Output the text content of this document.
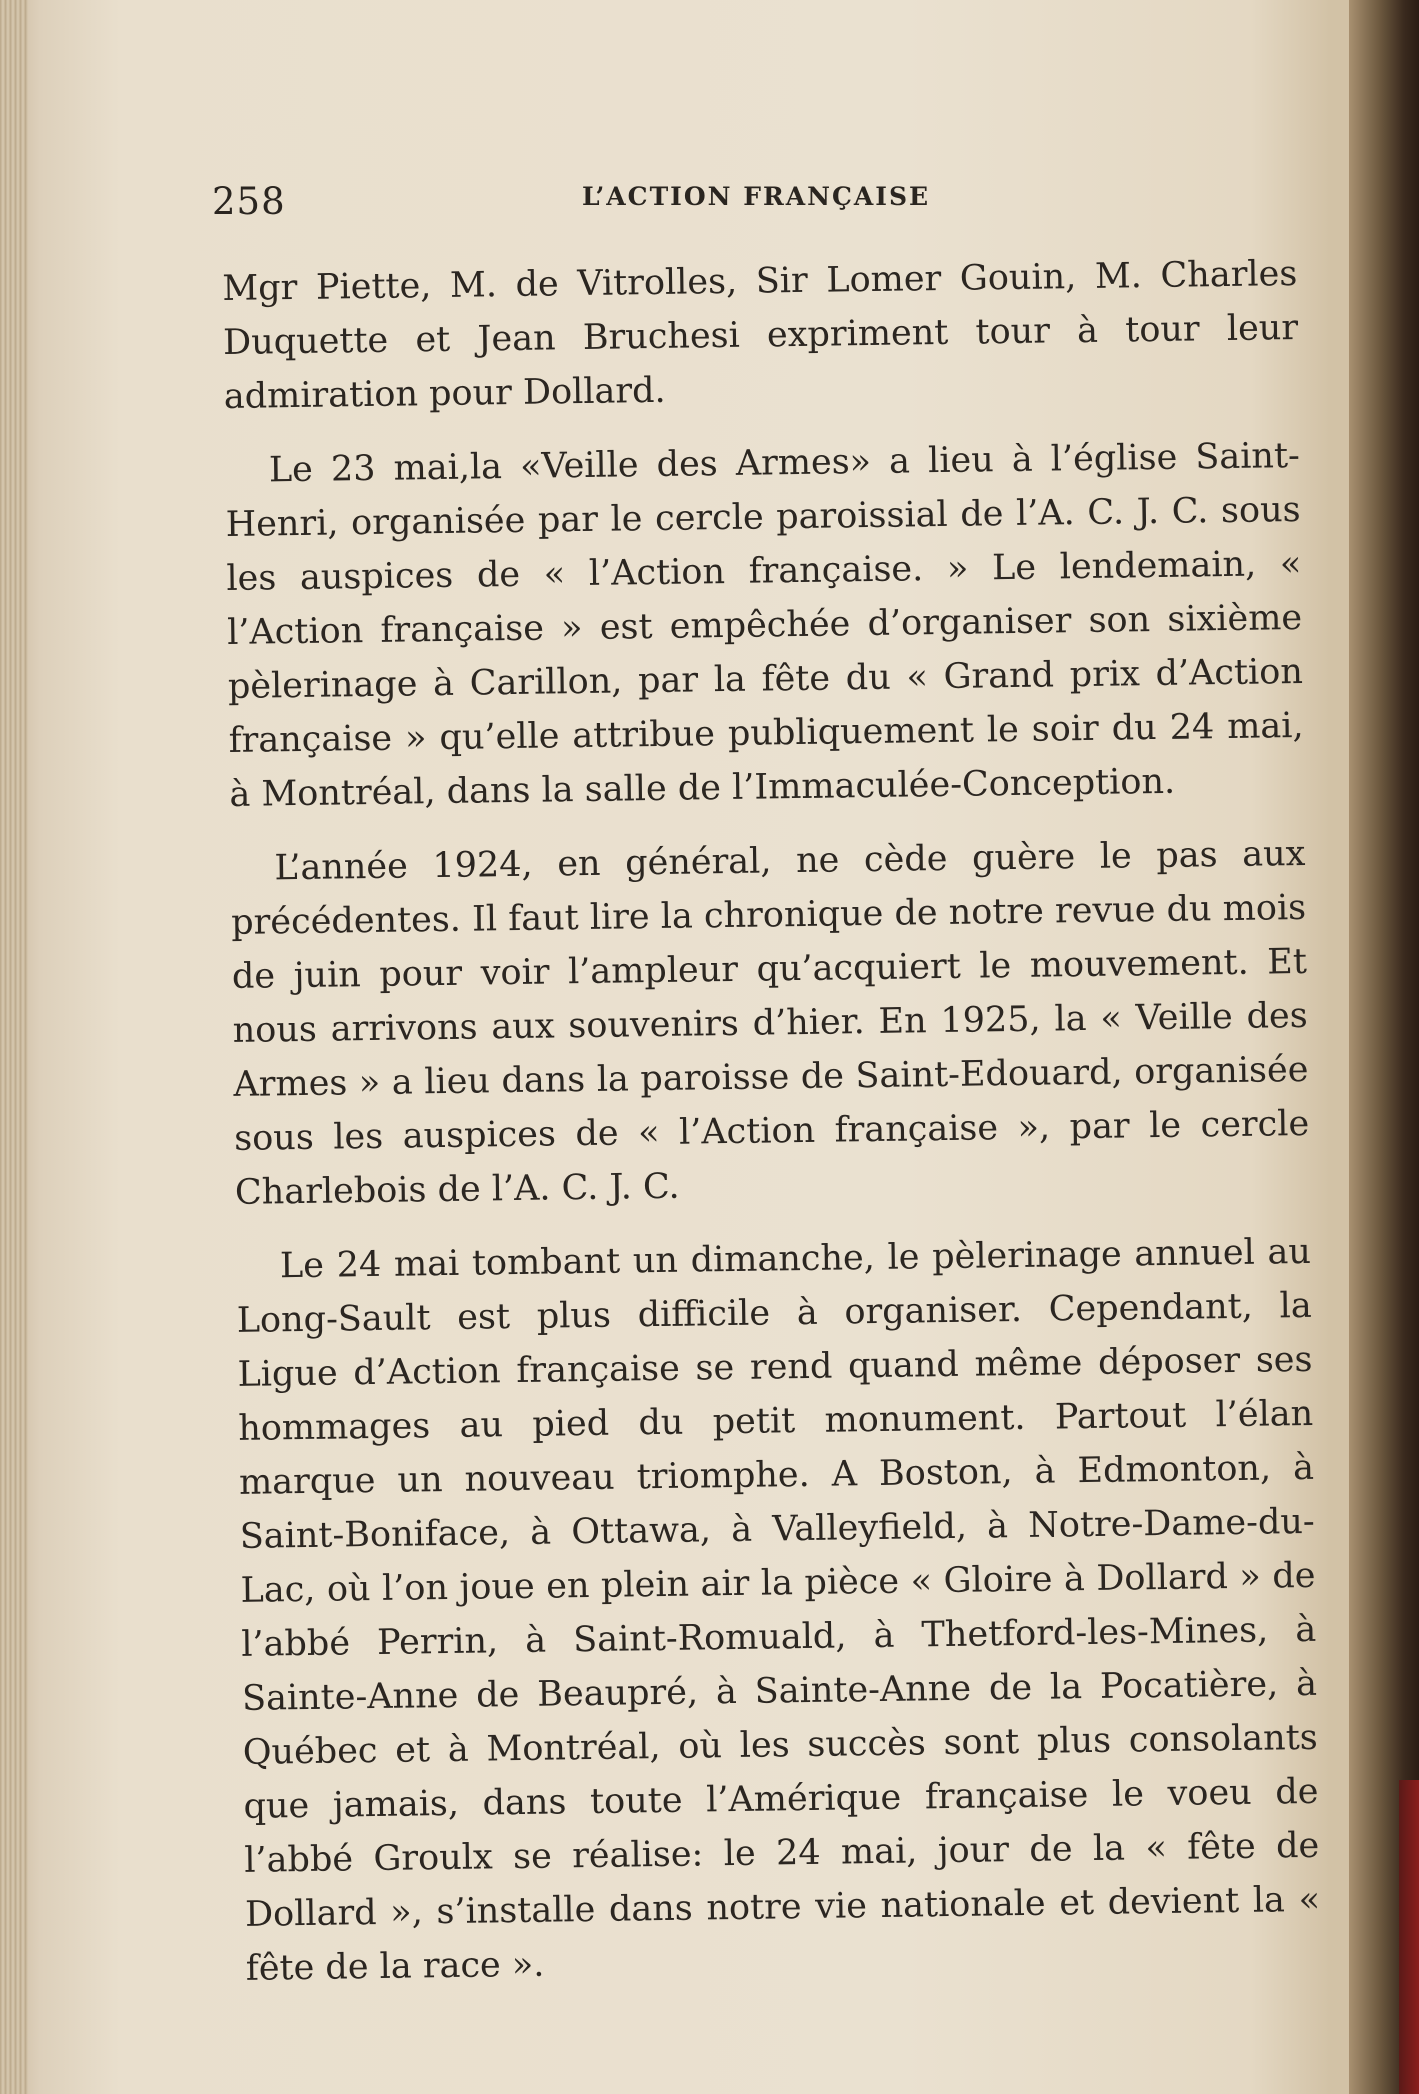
258	L’ACTION FRANÇAISE

Mgr Piette, M. de Vitrolles, Sir Lomer Gouin, M. Charles Duquette et Jean Bruchesi expriment tour à tour leur admiration pour Dollard.

Le 23 mai,la «Veille des Armes» a lieu à l’église Saint-Henri, organisée par le cercle paroissial de l’A. C. J. C. sous les auspices de « l’Action française. » Le lendemain, « l’Action française » est empêchée d’organiser son sixième pèlerinage à Carillon, par la fête du « Grand prix d’Action française » qu’elle attribue publiquement le soir du 24 mai, à Montréal, dans la salle de l’Immaculée-Conception.

L’année 1924, en général, ne cède guère le pas aux précédentes. Il faut lire la chronique de notre revue du mois de juin pour voir l’ampleur qu’acquiert le mouvement. Et nous arrivons aux souvenirs d’hier. En 1925, la « Veille des Armes » a lieu dans la paroisse de Saint-Edouard, organisée sous les auspices de « l’Action française », par le cercle Charlebois de l’A. C. J. C.

Le 24 mai tombant un dimanche, le pèlerinage annuel au Long-Sault est plus difficile à organiser. Cependant, la Ligue d’Action française se rend quand même déposer ses hommages au pied du petit monument. Partout l’élan marque un nouveau triomphe. A Boston, à Edmonton, à Saint-Boniface, à Ottawa, à Valleyfield, à Notre-Dame-du-Lac, où l’on joue en plein air la pièce « Gloire à Dollard » de l’abbé Perrin, à Saint-Romuald, à Thetford-les-Mines, à Sainte-Anne de Beaupré, à Sainte-Anne de la Pocatière, à Québec et à Montréal, où les succès sont plus consolants que jamais, dans toute l’Amérique française le voeu de l’abbé Groulx se réalise: le 24 mai, jour de la « fête de Dollard », s’installe dans notre vie nationale et devient la « fête de la race ».
